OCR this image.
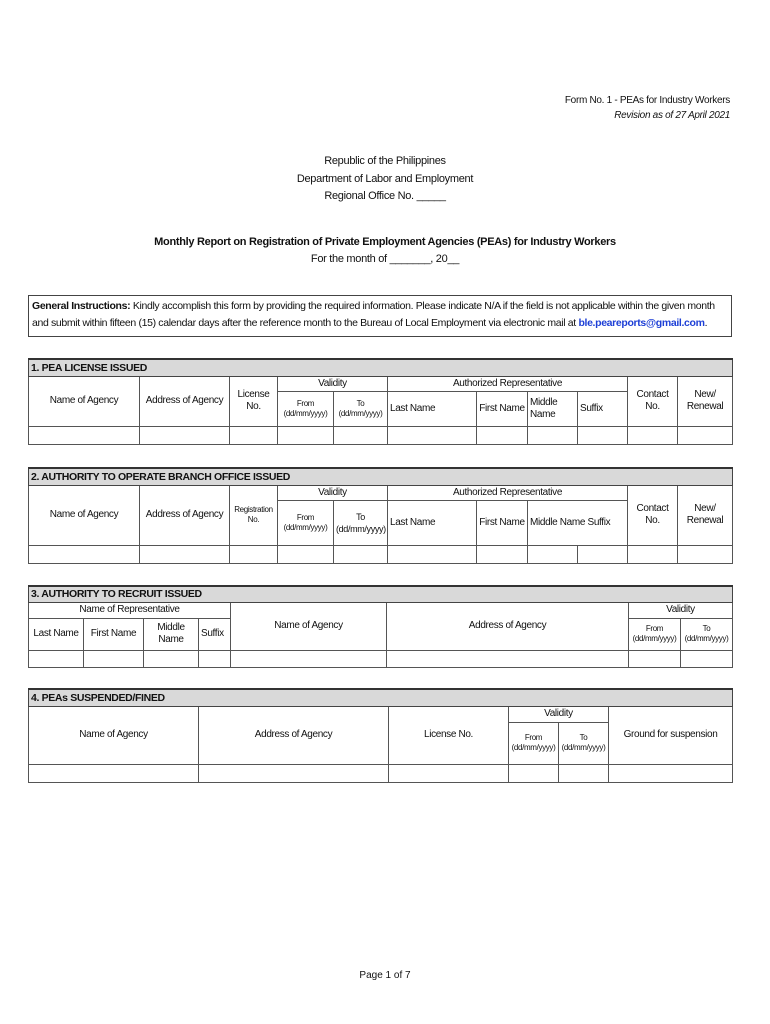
Form No. 1 - PEAs for Industry Workers
Revision as of 27 April 2021
Republic of the Philippines
Department of Labor and Employment
Regional Office No. _____
Monthly Report on Registration of Private Employment Agencies (PEAs) for Industry Workers
For the month of _______, 20__
General Instructions: Kindly accomplish this form by providing the required information. Please indicate N/A if the field is not applicable within the given month and submit within fifteen (15) calendar days after the reference month to the Bureau of Local Employment via electronic mail at ble.peareports@gmail.com.
1. PEA LICENSE ISSUED										
Name of Agency	Address of Agency	License No.	Validity		Authorized Representative				Contact No.	New/ Renewal
			From (dd/mm/yyyy)	To (dd/mm/yyyy)	Last Name	First Name	Middle Name	Suffix		

2. AUTHORITY TO OPERATE BRANCH OFFICE ISSUED										
Name of Agency	Address of Agency	Registration No.	Validity		Authorized Representative				Contact No.	New/ Renewal
			From (dd/mm/yyyy)	To (dd/mm/yyyy)	Last Name	First Name	Middle Name Suffix			

3. AUTHORITY TO RECRUIT ISSUED							
Name of Representative				Name of Agency	Address of Agency	Validity	
Last Name	First Name	Middle Name	Suffix			From (dd/mm/yyyy)	To (dd/mm/yyyy)

4. PEAs SUSPENDED/FINED					
Name of Agency	Address of Agency	License No.	Validity		Ground for suspension
			From (dd/mm/yyyy)	To (dd/mm/yyyy)	

Page 1 of 7
